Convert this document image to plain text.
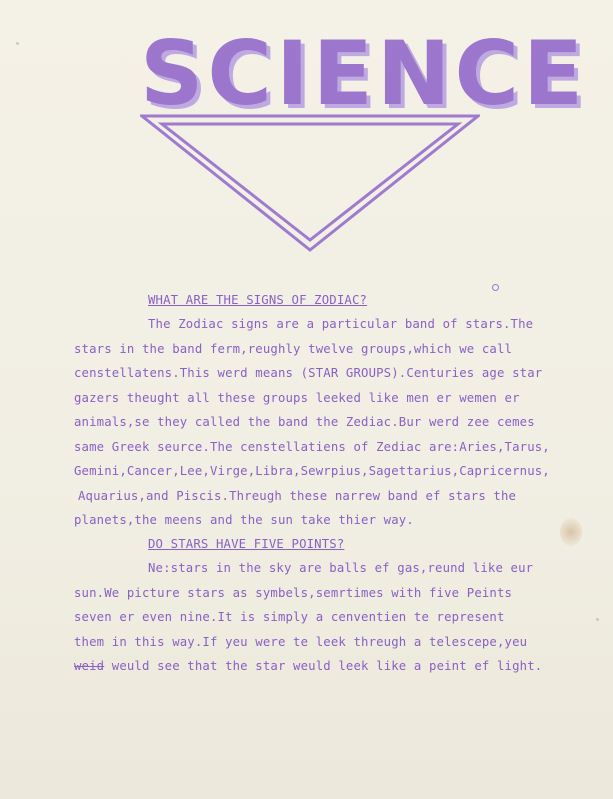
SCIENCE
WHAT ARE THE SIGNS OF ZODIAC?
The Zodiac signs are a particular band of stars.The
stars in the band ferm,reughly twelve groups,which we call
censtellatens.This werd means (STAR GROUPS).Centuries age star
gazers theught all these groups leeked like men er wemen er
animals,se they called the band the Zediac.Bur werd zee cemes
same Greek seurce.The censtellatiens of Zediac are:Aries,Tarus,
Gemini,Cancer,Lee,Virge,Libra,Sewrpius,Sagettarius,Capricernus,
Aquarius,and Piscis.Threugh these narrew band ef stars the
planets,the meens and the sun take thier way.
DO STARS HAVE FIVE POINTS?
Ne:stars in the sky are balls ef gas,reund like eur
sun.We picture stars as symbels,semrtimes with five Peints
seven er even nine.It is simply a cenventien te represent
them in this way.If yeu were te leek threugh a telescepe,yeu
weid weuld see that the star weuld leek like a peint ef light.
